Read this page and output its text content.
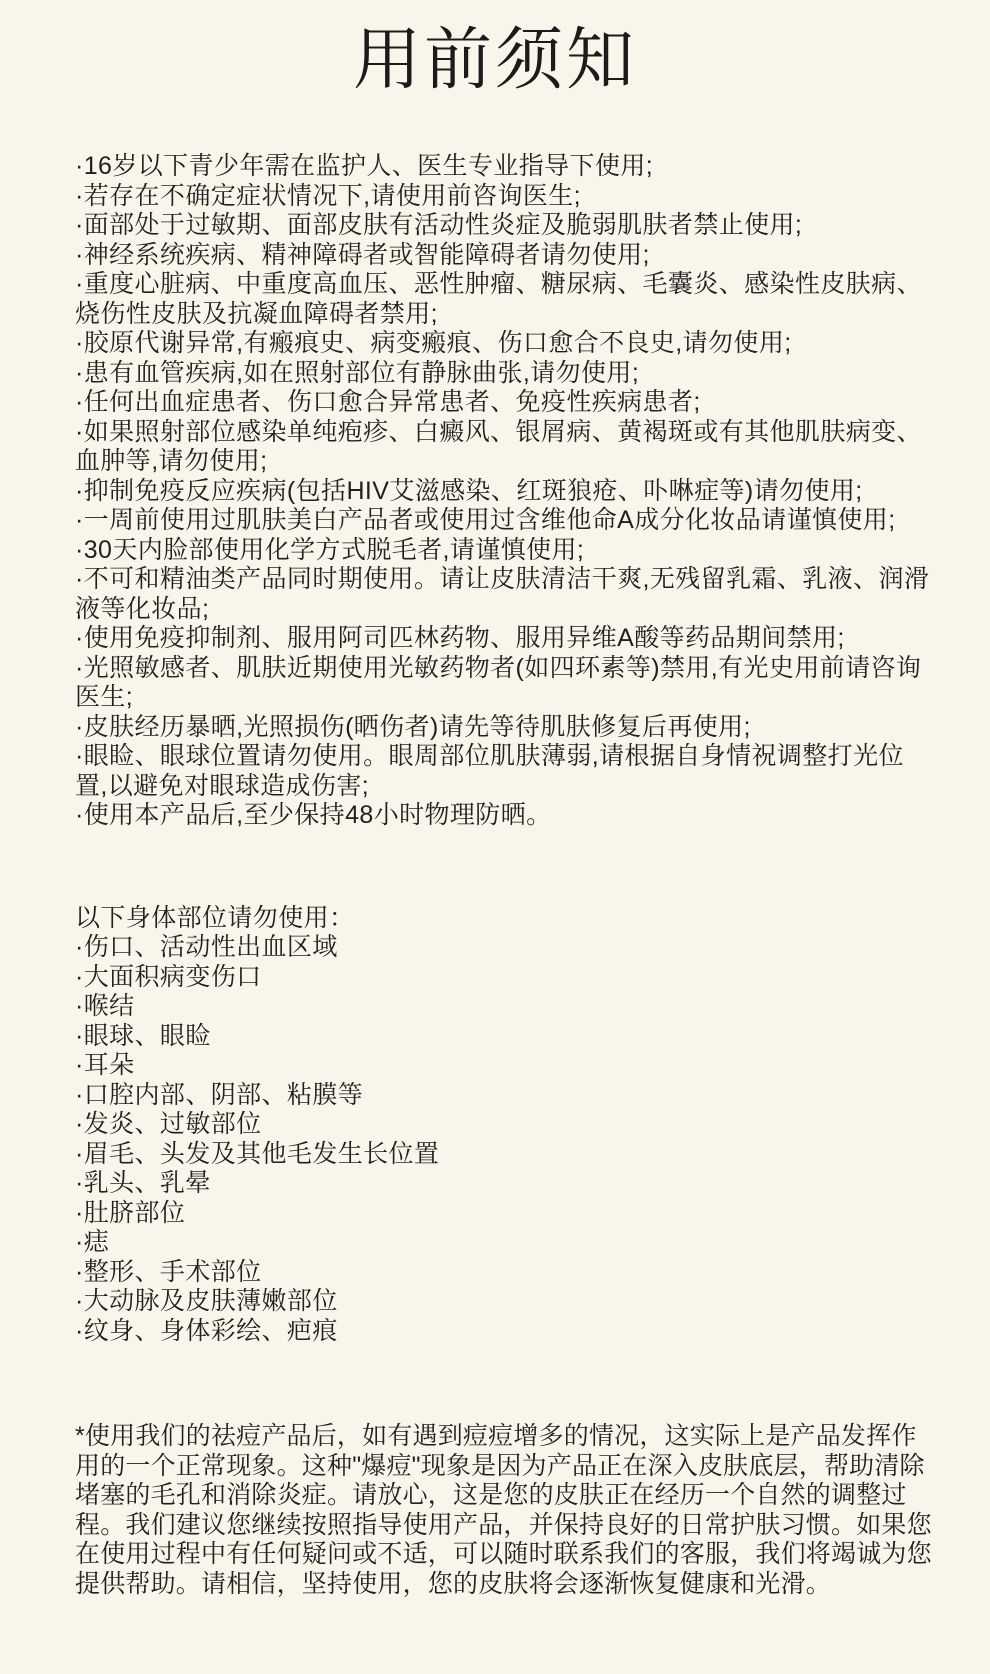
用前须知

·16岁以下青少年需在监护人、医生专业指导下使用;

·若存在不确定症状情况下,请使用前咨询医生;

·面部处于过敏期、面部皮肤有活动性炎症及脆弱肌肤者禁止使用;

·神经系统疾病、精神障碍者或智能障碍者请勿使用;

·重度心脏病、中重度高血压、恶性肿瘤、糖尿病、毛囊炎、感染性皮肤病、烧伤性皮肤及抗凝血障碍者禁用;

·胶原代谢异常,有瘢痕史、病变瘢痕、伤口愈合不良史,请勿使用;

·患有血管疾病,如在照射部位有静脉曲张,请勿使用;

·任何出血症患者、伤口愈合异常患者、免疫性疾病患者;

·如果照射部位感染单纯疱疹、白癜风、银屑病、黄褐斑或有其他肌肤病变、血肿等,请勿使用;

·抑制免疫反应疾病(包括HIV艾滋感染、红斑狼疮、卟啉症等)请勿使用;

·一周前使用过肌肤美白产品者或使用过含维他命A成分化妆品请谨慎使用;

·30天内脸部使用化学方式脱毛者,请谨慎使用;

·不可和精油类产品同时期使用。请让皮肤清洁干爽,无残留乳霜、乳液、润滑液等化妆品;

·使用免疫抑制剂、服用阿司匹林药物、服用异维A酸等药品期间禁用;

·光照敏感者、肌肤近期使用光敏药物者(如四环素等)禁用,有光史用前请咨询医生;

·皮肤经历暴晒,光照损伤(晒伤者)请先等待肌肤修复后再使用;

·眼睑、眼球位置请勿使用。眼周部位肌肤薄弱,请根据自身情祝调整打光位置,以避免对眼球造成伤害;

·使用本产品后,至少保持48小时物理防晒。

以下身体部位请勿使用：

·伤口、活动性出血区域

·大面积病变伤口

·喉结

·眼球、眼睑

·耳朵

·口腔内部、阴部、粘膜等

·发炎、过敏部位

·眉毛、头发及其他毛发生长位置

·乳头、乳晕

·肚脐部位

·痣

·整形、手术部位

·大动脉及皮肤薄嫩部位

·纹身、身体彩绘、疤痕

*使用我们的祛痘产品后，如有遇到痘痘增多的情况，这实际上是产品发挥作用的一个正常现象。这种"爆痘"现象是因为产品正在深入皮肤底层，帮助清除堵塞的毛孔和消除炎症。请放心，这是您的皮肤正在经历一个自然的调整过程。我们建议您继续按照指导使用产品，并保持良好的日常护肤习惯。如果您在使用过程中有任何疑问或不适，可以随时联系我们的客服，我们将竭诚为您提供帮助。请相信，坚持使用，您的皮肤将会逐渐恢复健康和光滑。
